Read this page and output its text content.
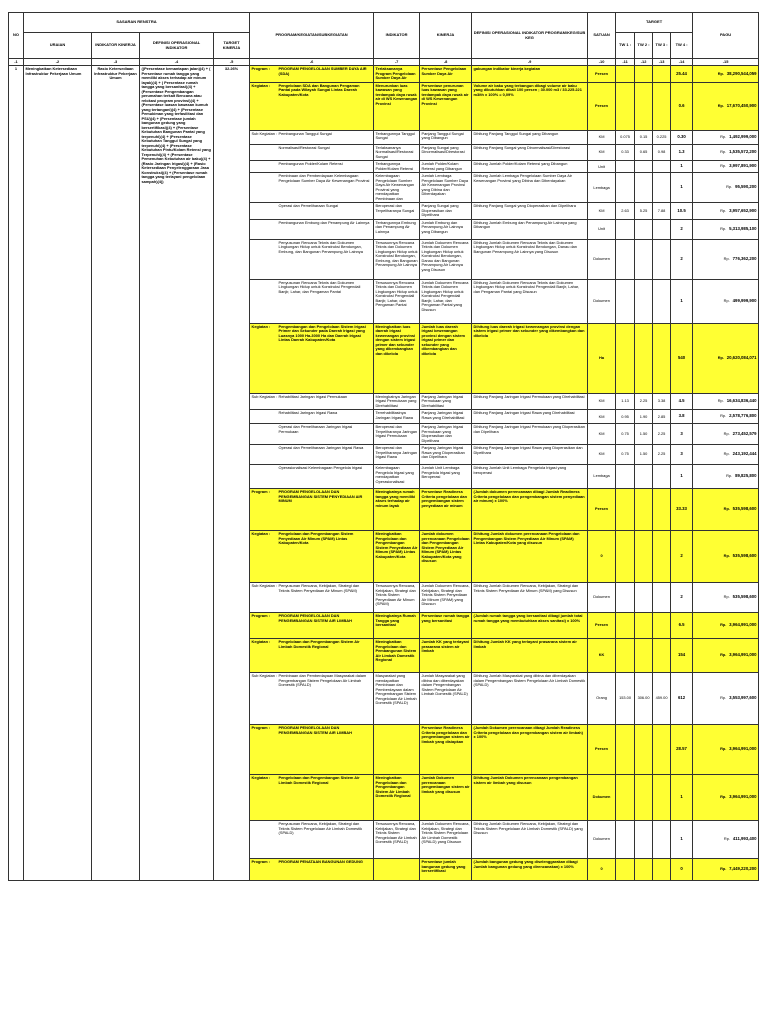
NO	SASARAN RENSTRA				PROGRAM/KEGIATAN/SUBKEGIATAN	INDIKATOR	KINERJA	DEFINISI OPERASIONAL INDIKATOR PROGRAM/KEG/SUB KEG	SATUAN	TARGET				PAGU
	URAIAN	INDIKATOR KINERJA	DEFINISI OPERASIONAL INDIKATOR	TARGET KINERJA						TW 1 :	TW 2 :	TW 3 :	TW 4 :	
-1	-2	-3	-4	-5	-6	-7	-8	-9	-10	-11	-12	-13	-14	-15
1	Meningkatkan Ketersediaan Infrastruktur Pekerjaan Umum	Rasio Ketersediaan Infrastruktur Pekerjaan Umum	((Persentase kemantapan jalan)(4) + ( Persentase rumah tangga yang memiliki akses terhadap air minum layak)(4) + ( Persentase rumah tangga yang bersanitasi)(4) + (Persentase Pengembangan perumahan terkait Bencana atau relokasi program provinsi)(4) + (Persentase luasan kawasan kumuh yang tertangani)(4) + (Persentase Pemukiman yang terfasilitasi dan PSU)(4) + (Persentase jumlah bangunan gedung yang bersertifikasi)(4) + (Persentase Kebutuhan Bangunan Pantai yang terpenuhi)(4) + (Persentase Kebutuhan Tanggul Sungai yang terpenuhi)(4) + (Persentase Kebutuhan Pintu/Kolam Retensi yang Terpenuhi)(4) + (Persentase Pemenuhan Kebutuhan air baku)(4) + (Rasio Jaringan Irigasi)(4) + (Rasio Ketersediaan Penyelenggaraan Jasa Konstruksi)(4) + (Persentase rumah tangga yang terlayani pengelolaan sampah)(4))	32.26%	Program : PROGRAM PENGELOLAAN SUMBER DAYA AIR (SDA)	Terlaksananya Program Pengelolaan Sumber Daya Air	Persentase Pengelolaan Sumber Daya Air	gabungan indikator kinerja kegiatan	Persen				25.44	Rp. 38,290,544,059
					Kegiatan : Pengelolaan SDA dan Bangunan Pengaman Pantai pada Wilayah Sungai Lintas Daerah Kabupaten/Kota	Menurunkan luas kawasan yang terdampak daya rusak air di WS Kewenangan Provinsi	Persentase penurunan luas kawasan yang terdampak daya rusak air di WS Kewenangan Provinsi	Volume air baku yang terbangun dibagi volume air baku yang dibutuhkan dikali 100 persen ; 30.000 m3 / 33.225.221 m3/th x 100% = 0,09%	Persen				0.6	Rp. 17,670,450,900
					Sub Kegiatan :Pembangunan Tanggul Sungai	Terbangunnya Tanggul Sungai	Panjang Tanggul Sungai yang Dibangun	Dihitung Panjang Tanggul Sungai yang Dibangun	KM	0.075	0.15	0.225	0.30	Rp. 1,492,999,000
					Normalisasi/Restorasi Sungai	Terlaksananya Normalisasi/Restorasi Sungai	Panjang Sungai yang Dinormalisasi/Direstorasi	Dihitung Panjang Sungai yang Dinormalisasi/Direstorasi	KM	0.33	0.65	0.98	1.3	Rp. 1,535,572,200
					Pembangunan Polder/Kolam Retensi	Terbangunnya Polder/Kolam Retensi	Jumlah Polder/Kolam Retensi yang Dibangun	Dihitung Jumlah Polder/Kolam Retensi yang Dibangun	Unit				1	Rp. 3,997,891,900
					Pembinaan dan Pemberdayaan Kelembagaan Pengelolaan Sumber Daya Air Kewenangan Provinsi	Kelembagaan Pengelolaan Sumber Daya Air Kewenangan Provinsi yang mendapatkan Pembinaan dan	Jumlah Lembaga Pengelolaan Sumber Daya Air Kewenangan Provinsi yang Dibina dan Diberdayakan	Dihitung Jumlah Lembaga Pengelolaan Sumber Daya Air Kewenangan Provinsi yang Dibina dan Diberdayakan	Lembaga				1	Rp. 95,590,200
					Operasi dan Pemeliharaan Sungai	Beroperasi dan Terpeliharanya Sungai	Panjang Sungai yang Dioperasikan dan Dipelihara	Dihitung Panjang Sungai yang Dioperasikan dan Dipelihara	KM	2.63	5.25	7.88	10.5	Rp. 3,957,652,900
					Pembangunan Embung dan Penampung Air Lainnya	Terbangunnya Embung dan Penampung Air Lainnya	Jumlah Embung dan Penampung Air Lainnya yang Dibangun	Dihitung Jumlah Embung dan Penampung Air Lainnya yang Dibangun	Unit				2	Rp. 5,313,985,100
					Penyusunan Rencana Teknis dan Dokumen Lingkungan Hidup untuk Konstruksi Bendungan, Embung, dan Bangunan Penampung Air Lainnya	Tersusunnya Rencana Teknis dan Dokumen Lingkungan Hidup untuk Konstruksi Bendungan, Embung, dan Bangunan Penampung Air Lainnya	Jumlah Dokumen Rencana Teknis dan Dokumen Lingkungan Hidup untuk Konstruksi Bendungan, Danau dan Bangunan Penampung Air Lainnya yang Disusun	Dihitung Jumlah Dokumen Rencana Teknis dan Dokumen Lingkungan Hidup untuk Konstruksi Bendungan, Danau dan Bangunan Penampung Air Lainnya yang Disusun	Dokumen				2	Rp. 776,362,200
					Penyusunan Rencana Teknis dan Dokumen Lingkungan Hidup untuk Konstruksi Pengendali Banjir, Lahar, dan Pengaman Pantai	Tersusunnya Rencana Teknis dan Dokumen Lingkungan Hidup untuk Konstruksi Pengendali Banjir, Lahar, dan Pengaman Pantai	Jumlah Dokumen Rencana Teknis dan Dokumen Lingkungan Hidup untuk Konstruksi Pengendali Banjir, Lahar, dan Pengaman Pantai yang Disusun	Dihitung Jumlah Dokumen Rencana Teknis dan Dokumen Lingkungan Hidup untuk Konstruksi Pengendali Banjir, Lahar, dan Pengaman Pantai yang Disusun	Dokumen				1	Rp. 499,999,900
					Kegiatan : Pengembangan dan Pengelolaan Sistem Irigasi Primer dan Sekunder pada Daerah Irigasi yang Luasnya 1000 Ha-3000 Ha dan Daerah Irigasi Lintas Daerah Kabupaten/Kota	Meningkatkan luas daerah irigasi kewenangan provinsi dengan sistem irigasi primer dan sekunder yang dikembangkan dan dikelola	Jumlah luas daerah irigasi kewenangan provinsi dengan sistem irigasi primer dan sekunder yang dikembangkan dan dikelola	Dihitung luas daerah irigasi kewenangan provinsi dengan sistem irigasi primer dan sekunder yang dikembangkan dan dikelola	Ha				540	Rp. 20,620,084,071
					Sub Kegiatan :Rehabilitasi Jaringan Irigasi Permukaan	Meningkatnya Jaringan Irigasi Permukaan yang Direhabilitasi	Panjang Jaringan Irigasi Permukaan yang Direhabilitasi	Dihitung Panjang Jaringan Irigasi Permukaan yang Direhabilitasi	KM	1.13	2.25	3.38	4.5	Rp. 16,634,836,440
					Rehabilitasi Jaringan Irigasi Rawa	Terrehabilitasinya Jaringan Irigasi Rawa	Panjang Jaringan Irigasi Rawa yang Direhabilitasi	Dihitung Panjang Jaringan Irigasi Rawa yang Direhabilitasi	KM	0.95	1.90	2.85	3.8	Rp. 2,578,776,800
					Operasi dan Pemeliharaan Jaringan Irigasi Permukaan	Beroperasi dan Terpeliharanya Jaringan Irigasi Permukaan	Panjang Jaringan Irigasi Permukaan yang Dioperasikan dan Dipelihara	Dihitung Panjang Jaringan Irigasi Permukaan yang Dioperasikan dan Dipelihara	KM	0.75	1.50	2.25	3	Rp. 273,452,579
					Operasi dan Pemeliharaan Jaringan Irigasi Rawa	Beroperasi dan Terpeliharanya Jaringan Irigasi Rawa	Panjang Jaringan Irigasi Rawa yang Dioperasikan dan Dipelihara	Dihitung Panjang Jaringan Irigasi Rawa yang Dioperasikan dan Dipelihara	KM	0.75	1.50	2.25	3	Rp. 243,192,444
					Operasionalisasi Kelembagaan Pengelola Irigasi	Kelembagaan Pengelola Irigasi yang mendapatkan Operasionalisasi	Jumlah Unit Lembaga Pengelola Irigasi yang Beroperasi	Dihitung Jumlah Unit Lembaga Pengelola Irigasi yang beroperasi	Lembaga				1	Rp. 89,825,800
					Program : PROGRAM PENGELOLAAN DAN PENGEMBANGAN SISTEM PENYEDIAAN AIR MINUM	Meningkatnya rumah tangga yang memiliki akses terhadap air minum layak	Persentase Readiness Criteria pengelolaan dan pengembangan sistem penyediaan air minum	(Jumlah dokumen perencanaan dibagi Jumlah Readiness Criteria pengelolaan dan pengembangan sistem penyediaan air minum) x 100%	Persen				33.33	Rp. 535,598,600
					Kegiatan : Pengelolaan dan Pengembangan Sistem Penyediaan Air Minum (SPAM) Lintas Kabupaten/Kota	Meningkatkan Pengelolaan dan Pengembangan Sistem Penyediaan Air Minum (SPAM) Lintas Kabupaten/Kota	Jumlah dokumen perencanaan Pengelolaan dan Pengembangan Sistem Penyediaan Air Minum (SPAM) Lintas Kabupaten/Kota yang disusun	Dihitung Jumlah dokumen perencanaan Pengelolaan dan Pengembangan Sistem Penyediaan Air Minum (SPAM) Lintas Kabupaten/Kota yang disusun	0				2	Rp. 535,598,600
					Sub Kegiatan :Penyusunan Rencana, Kebijakan, Strategi dan Teknis Sistem Penyediaan Air Minum (SPAM)	Tersusunnya Rencana, Kebijakan, Strategi dan Teknis Sistem Penyediaan Air Minum (SPAM)	Jumlah Dokumen Rencana, Kebijakan, Strategi dan Teknis Sistem Penyediaan Air Minum (SPAM) yang Disusun	Dihitung Jumlah Dokumen Rencana, Kebijakan, Strategi dan Teknis Sistem Penyediaan Air Minum (SPAM) yang Disusun	Dokumen				2	Rp. 535,598,600
					Program : PROGRAM PENGELOLAAN DAN PENGEMBANGAN SISTEM AIR LIMBAH	Meningkatnya Rumah Tangga yang bersanitasi	Persentase rumah tangga yang bersanitasi	(Jumlah rumah tangga yang bersanitasi dibagi jumlah total rumah tangga yang membutuhkan akses sanitasi) x 100%	Persen				6.5	Rp. 3,964,991,000
					Kegiatan : Pengelolaan dan Pengembangan Sistem Air Limbah Domestik Regional	Meningkatkan Pengelolaan dan Pembangunan Sistem Air Limbah Domestik Regional	Jumlah KK yang terlayani prasarana sistem air limbah	Dihitung Jumlah KK yang terlayani prasarana sistem air limbah	KK				154	Rp. 3,964,991,000
					Sub Kegiatan :Pembinaan dan Pemberdayaan Masyarakat dalam Pengembangan Sistem Pengelolaan Air Limbah Domestik (SPALD)	Masyarakat yang mendapatkan Pembinaan dan Pemberdayaan dalam Pengembangan Sistem Pengelolaan Air Limbah Domestik (SPALD)	Jumlah Masyarakat yang dibina dan diberdayakan dalam Pengembangan Sistem Pengelolaan Air Limbah Domestik (SPALD)	Dihitung Jumlah Masyarakat yang dibina dan diberdayakan dalam Pengembangan Sistem Pengelolaan Air Limbah Domestik (SPALD)	Orang	153.00	306.00	459.00	612	Rp. 3,553,997,600
					Program : PROGRAM PENGELOLAAN DAN PENGEMBANGAN SISTEM AIR LIMBAH		Persentase Readiness Criteria pengelolaan dan pengembangan sistem air limbah yang disiapkan	(Jumlah Dokumen perencanaan dibagi Jumlah Readiness Criteria pengelolaan dan pengembangan sistem air limbah) x 100%	Persen				28.57	Rp. 3,964,991,000
					Kegiatan : Pengelolaan dan Pengembangan Sistem Air Limbah Domestik Regional	Meningkatkan Pengelolaan dan Pengembangan Sistem Air Limbah Domestik Regional	Jumlah Dokumen perencanaan pengembangan sistem air limbah yang disusun	Dihitung Jumlah Dokumen perencanaan pengembangan sistem air limbah yang disusun	Dokumen				1	Rp. 3,964,991,000
					Penyusunan Rencana, Kebijakan, Strategi dan Teknis Sistem Pengelolaan Air Limbah Domestik (SPALD)	Tersusunnya Rencana, Kebijakan, Strategi dan Teknis Sistem Pengelolaan Air Limbah Domestik (SPALD)	Jumlah Dokumen Rencana, Kebijakan, Strategi dan Teknis Sistem Pengelolaan Air Limbah Domestik (SPALD) yang Disusun	Dihitung Jumlah Dokumen Rencana, Kebijakan, Strategi dan Teknis Sistem Pengelolaan Air Limbah Domestik (SPALD) yang Disusun	Dokumen				1	Rp. 411,993,400
					Program : PROGRAM PENATAAN BANGUNAN GEDUNG		Persentase jumlah bangunan gedung yang bersertifikasi	(Jumlah bangunan gedung yang diselenggarakan dibagi Jumlah bangunan gedung yang direncanakan) x 100%	0				0	Rp. 7,449,220,200
